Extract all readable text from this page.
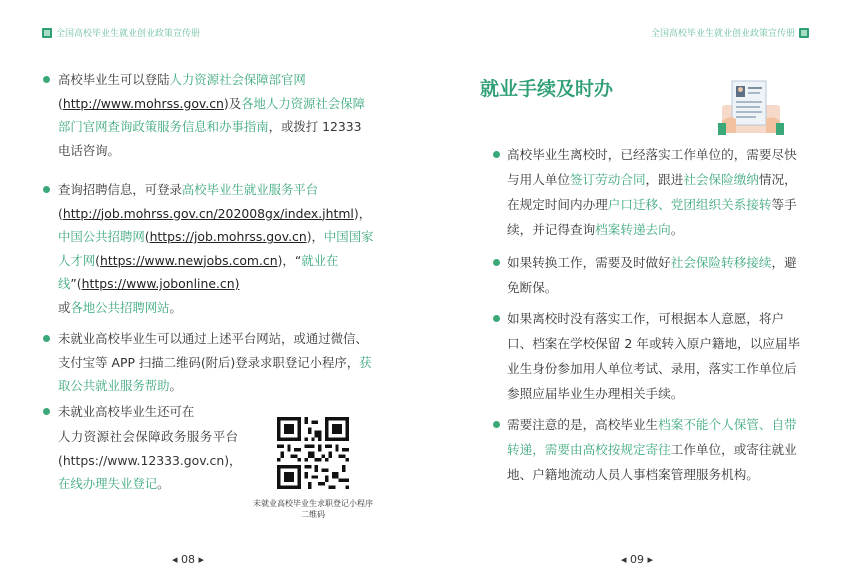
全国高校毕业生就业创业政策宣传册
高校毕业生可以登陆人力资源社会保障部官网(http://www.mohrss.gov.cn)及各地人力资源社会保障部门官网查询政策服务信息和办事指南，或拨打 12333 电话咨询。
查询招聘信息，可登录高校毕业生就业服务平台(http://job.mohrss.gov.cn/202008gx/index.jhtml)，中国公共招聘网(https://job.mohrss.gov.cn)，中国国家人才网(https://www.newjobs.com.cn)，“就业在线”(https://www.jobonline.cn)
或各地公共招聘网站。
未就业高校毕业生可以通过上述平台网站，或通过微信、支付宝等 APP 扫描二维码(附后)登录求职登记小程序，获取公共就业服务帮助。
未就业高校毕业生还可在
人力资源社会保障政务服务平台(https://www.12333.gov.cn)，在线办理失业登记。
未就业高校毕业生求职登记小程序二维码
◂ 08 ▸
全国高校毕业生就业创业政策宣传册
就业手续及时办
高校毕业生离校时，已经落实工作单位的，需要尽快与用人单位签订劳动合同，跟进社会保险缴纳情况，在规定时间内办理户口迁移、党团组织关系接转等手续，并记得查询档案转递去向。
如果转换工作，需要及时做好社会保险转移接续，避免断保。
如果离校时没有落实工作，可根据本人意愿，将户口、档案在学校保留 2 年或转入原户籍地，以应届毕业生身份参加用人单位考试、录用，落实工作单位后参照应届毕业生办理相关手续。
需要注意的是，高校毕业生档案不能个人保管、自带转递，需要由高校按规定寄往工作单位，或寄往就业地、户籍地流动人员人事档案管理服务机构。
◂ 09 ▸
